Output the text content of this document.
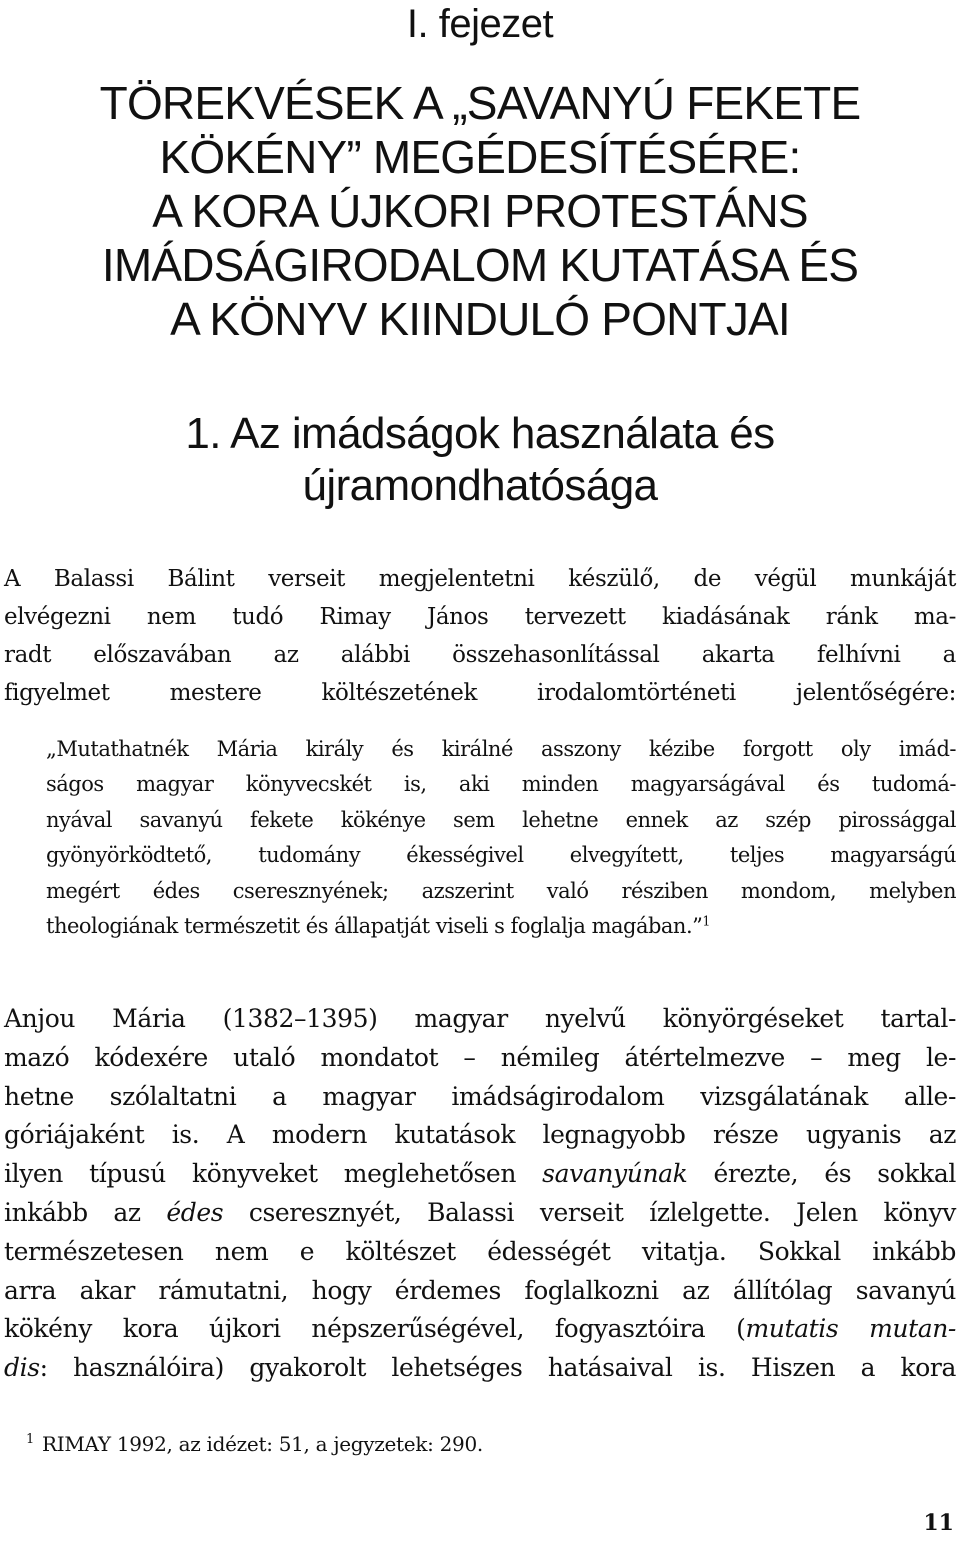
I. fejezet
TÖREKVÉSEK A „SAVANYÚ FEKETE
KÖKÉNY” MEGÉDESÍTÉSÉRE:
A KORA ÚJKORI PROTESTÁNS
IMÁDSÁGIRODALOM KUTATÁSA ÉS
A KÖNYV KIINDULÓ PONTJAI
1. Az imádságok használata és
újramondhatósága
A Balassi Bálint verseit megjelentetni készülő, de végül munkáját
elvégezni nem tudó Rimay János tervezett kiadásának ránk ma-
radt előszavában az alábbi összehasonlítással akarta felhívni a
figyelmet mestere költészetének irodalomtörténeti jelentőségére:
„Mutathatnék Mária király és királné asszony kézibe forgott oly imád-
ságos magyar könyvecskét is, aki minden magyarságával és tudomá-
nyával savanyú fekete kökénye sem lehetne ennek az szép pirossággal
gyönyörködtető, tudomány ékességivel elvegyített, teljes magyarságú
megért édes cseresznyének; azszerint való résziben mondom, melyben
theologiának természetit és állapatját viseli s foglalja magában.”$^1$
Anjou Mária (1382–1395) magyar nyelvű könyörgéseket tartal-
mazó kódexére utaló mondatot – némileg átértelmezve – meg le-
hetne szólaltatni a magyar imádságirodalom vizsgálatának alle-
góriájaként is. A modern kutatások legnagyobb része ugyanis az
ilyen típusú könyveket meglehetősen savanyúnak érezte, és sokkal
inkább az édes cseresznyét, Balassi verseit ízlelgette. Jelen könyv
természetesen nem e költészet édességét vitatja. Sokkal inkább
arra akar rámutatni, hogy érdemes foglalkozni az állítólag savanyú
kökény kora újkori népszerűségével, fogyasztóira (mutatis mutan-
dis: használóira) gyakorolt lehetséges hatásaival is. Hiszen a kora
$^1$ RIMAY 1992, az idézet: 51, a jegyzetek: 290.
11
